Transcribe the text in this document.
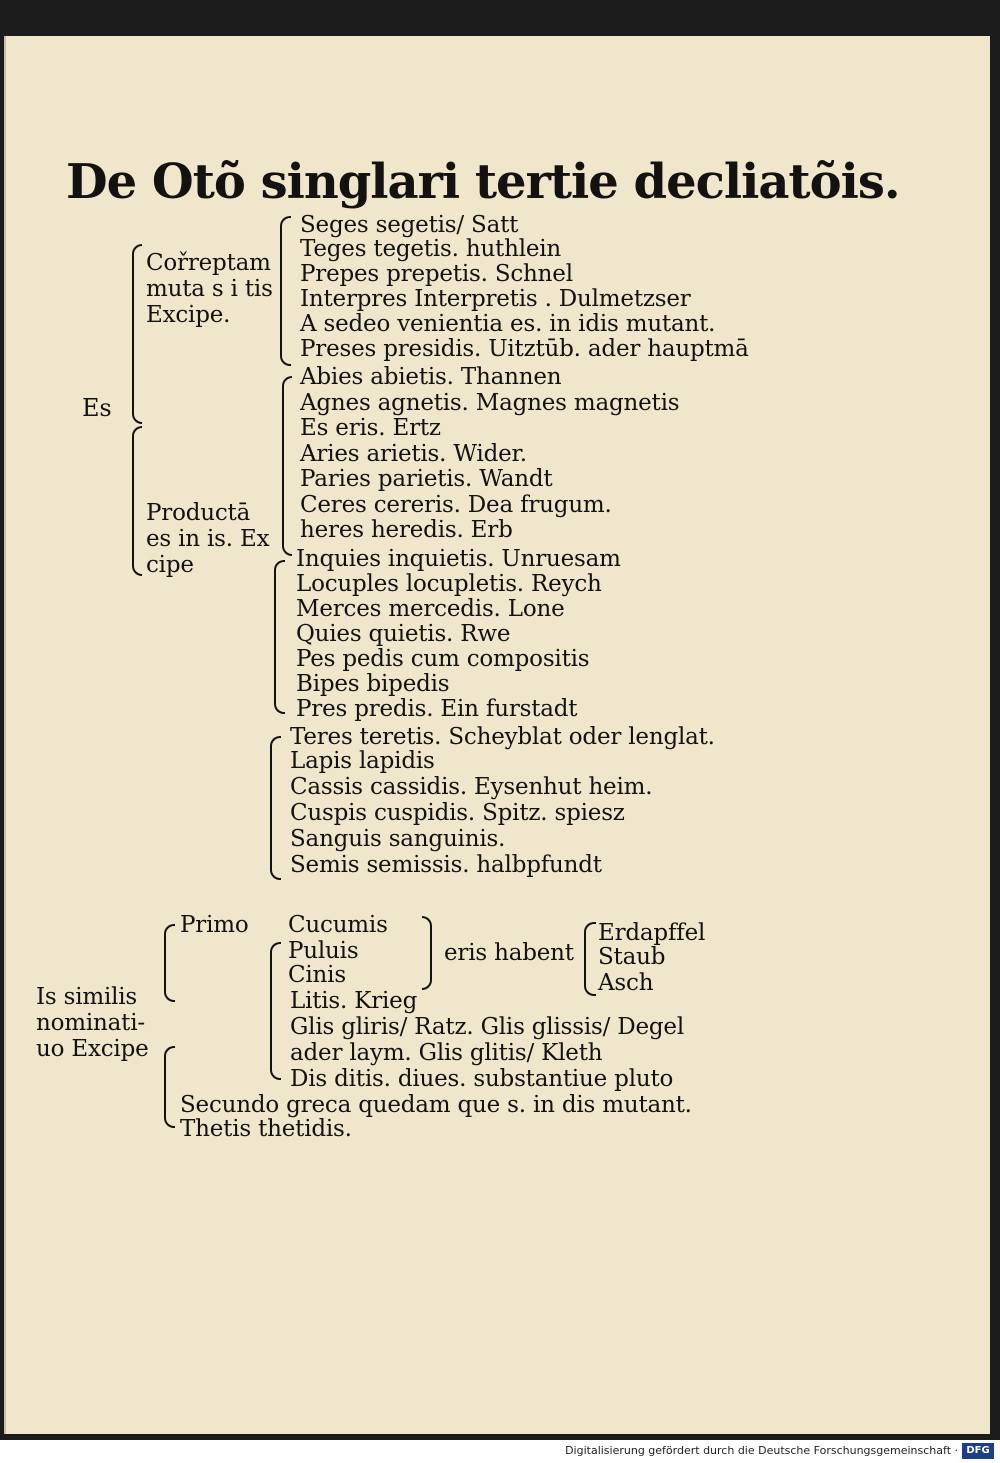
De Otõ singlari tertie decliatõis.
Es
Cořreptam
muta s i tis
Excipe.
Seges segetis/ Satt
Teges tegetis. huthlein
Prepes prepetis. Schnel
Interpres Interpretis . Dulmetzser
A sedeo venientia es. in idis mutant.
Preses presidis. Uitztūb. ader hauptmā
Productā
es in is. Ex
cipe
Abies abietis. Thannen
Agnes agnetis. Magnes magnetis
Es eris. Ertz
Aries arietis. Wider.
Paries parietis. Wandt
Ceres cereris. Dea frugum.
heres heredis. Erb
Inquies inquietis. Unruesam
Locuples locupletis. Reych
Merces mercedis. Lone
Quies quietis. Rwe
Pes pedis cum compositis
Bipes bipedis
Pres predis. Ein furstadt
Teres teretis. Scheyblat oder lenglat.
Lapis lapidis
Cassis cassidis. Eysenhut heim.
Cuspis cuspidis. Spitz. spiesz
Sanguis sanguinis.
Semis semissis. halbpfundt
Is similis
nominati-
uo Excipe
Primo Cucumis
Puluis
Cinis
eris habent
Erdapffel
Staub
Asch
Litis. Krieg
Glis gliris/ Ratz. Glis glissis/ Degel
ader laym. Glis glitis/ Kleth
Dis ditis. diues. substantiue pluto
Secundo greca quedam que s. in dis mutant.
Thetis thetidis.
Digitalisierung gefördert durch die Deutsche Forschungsgemeinschaft · DFG
